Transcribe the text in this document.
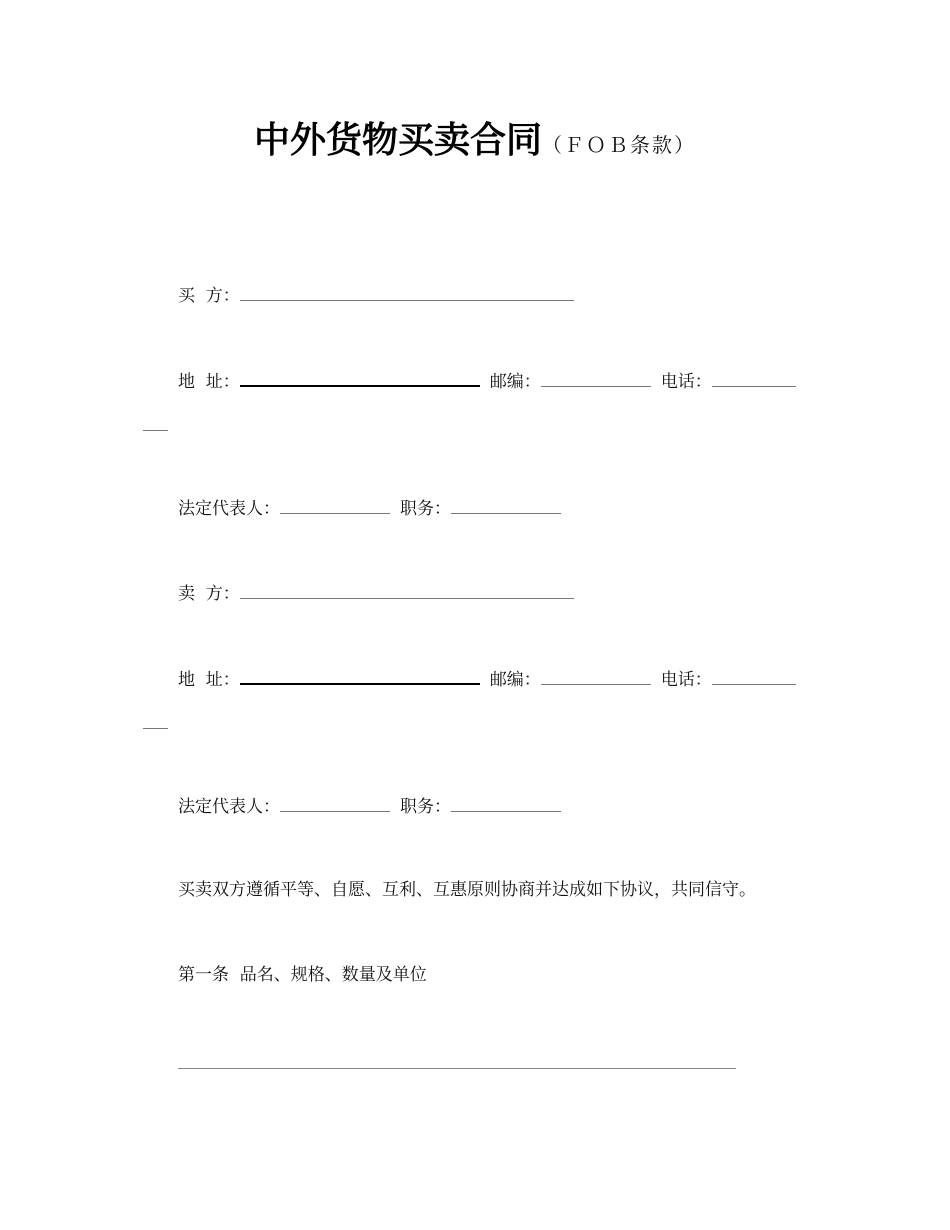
中外货物买卖合同（ＦＯＢ条款）
买  方：
地  址：	邮编：	电话：
法定代表人：	职务：
卖  方：
地  址：	邮编：	电话：
法定代表人：	职务：
买卖双方遵循平等、自愿、互利、互惠原则协商并达成如下协议，共同信守。
第一条  品名、规格、数量及单位
